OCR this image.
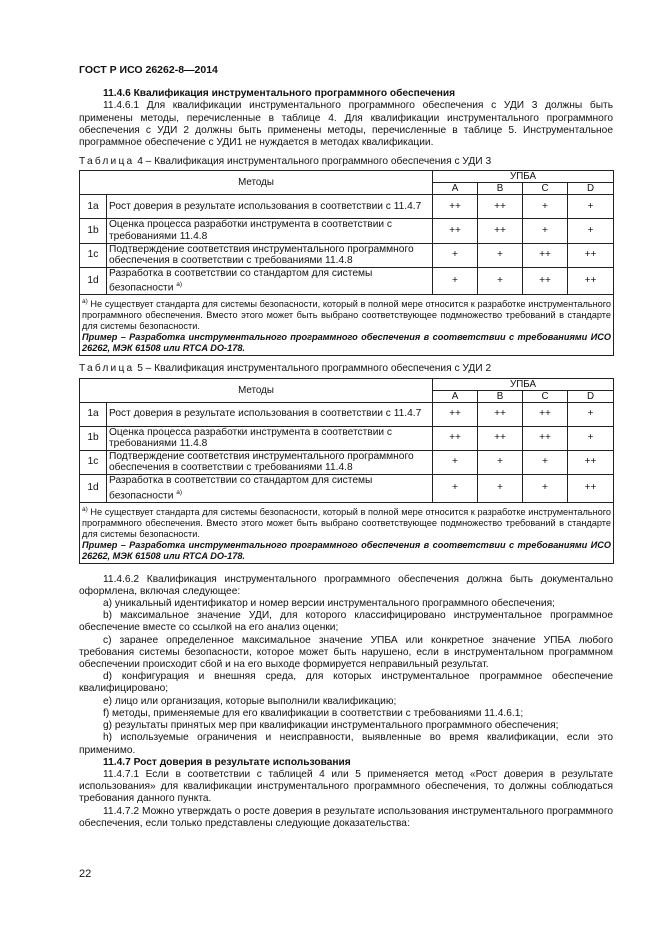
ГОСТ Р ИСО 26262-8—2014
11.4.6 Квалификация инструментального программного обеспечения

11.4.6.1 Для квалификации инструментального программного обеспечения с УДИ 3 должны быть применены методы, перечисленные в таблице 4. Для квалификации инструментального программного обеспечения с УДИ 2 должны быть применены методы, перечисленные в таблице 5. Инструментальное программное обеспечение с УДИ1 не нуждается в методах квалификации.

Таблица 4 – Квалификация инструментального программного обеспечения с УДИ 3
Методы		УПБА			
		A	B	C	D
1a	Рост доверия в результате использования в соответствии с 11.4.7	++	++	+	+
1b	Оценка процесса разработки инструмента в соответствии с требованиями 11.4.8	++	++	+	+
1c	Подтверждение соответствия инструментального программного обеспечения в соответствии с требованиями 11.4.8	+	+	++	++
1d	Разработка в соответствии со стандартом для системы безопасности $^{а)}$	+	+	++	++
$^{а)}$ Не существует стандарта для системы безопасности, который в полной мере относится к разработке инструментального программного обеспечения. Вместо этого может быть выбрано соответствующее подмножество требований в стандарте для системы безопасности.
Пример – Разработка инструментального программного обеспечения в соответствии с требованиями ИСО 26262, МЭК 61508 или RTCA DO-178.					
Таблица 5 – Квалификация инструментального программного обеспечения с УДИ 2
Методы		УПБА			
		A	B	C	D
1a	Рост доверия в результате использования в соответствии с 11.4.7	++	++	++	+
1b	Оценка процесса разработки инструмента в соответствии с требованиями 11.4.8	++	++	++	+
1c	Подтверждение соответствия инструментального программного обеспечения в соответствии с требованиями 11.4.8	+	+	+	++
1d	Разработка в соответствии со стандартом для системы безопасности $^{а)}$	+	+	+	++
$^{а)}$ Не существует стандарта для системы безопасности, который в полной мере относится к разработке инструментального программного обеспечения. Вместо этого может быть выбрано соответствующее подмножество требований в стандарте для системы безопасности.
Пример – Разработка инструментального программного обеспечения в соответствии с требованиями ИСО 26262, МЭК 61508 или RTCA DO-178.					

11.4.6.2 Квалификация инструментального программного обеспечения должна быть документально оформлена, включая следующее:

a) уникальный идентификатор и номер версии инструментального программного обеспечения;

b) максимальное значение УДИ, для которого классифицировано инструментальное программное обеспечение вместе со ссылкой на его анализ оценки;

c) заранее определенное максимальное значение УПБА или конкретное значение УПБА любого требования системы безопасности, которое может быть нарушено, если в инструментальном программном обеспечении происходит сбой и на его выходе формируется неправильный результат.

d) конфигурация и внешняя среда, для которых инструментальное программное обеспечение квалифицировано;

e) лицо или организация, которые выполнили квалификацию;

f) методы, применяемые для его квалификации в соответствии с требованиями 11.4.6.1;

g) результаты принятых мер при квалификации инструментального программного обеспечения;

h) используемые ограничения и неисправности, выявленные во время квалификации, если это применимо.

11.4.7 Рост доверия в результате использования

11.4.7.1 Если в соответствии с таблицей 4 или 5 применяется метод «Рост доверия в результате использования» для квалификации инструментального программного обеспечения, то должны соблюдаться требования данного пункта.

11.4.7.2 Можно утверждать о росте доверия в результате использования инструментального программного обеспечения, если только представлены следующие доказательства:

22
